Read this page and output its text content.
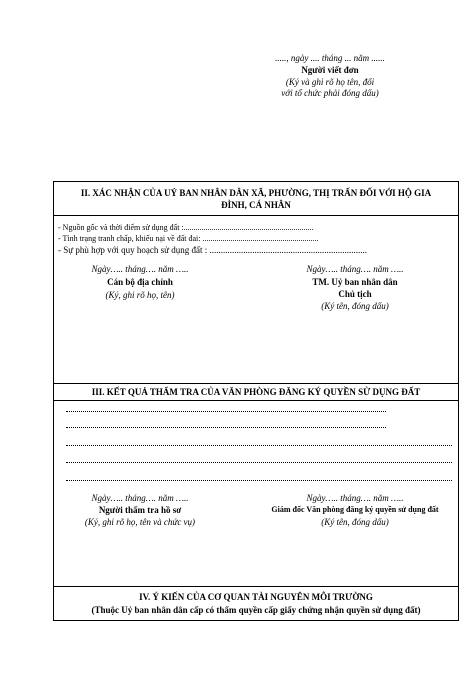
....., ngày .... tháng ... năm ......
Người viết đơn
(Ký và ghi rõ họ tên, đối
với tổ chức phải đóng dấu)
II. XÁC NHẬN CỦA UỶ BAN NHÂN DÂN XÃ, PHƯỜNG, THỊ TRẤN ĐỐI VỚI HỘ GIA
ĐÌNH, CÁ NHÂN
- Nguồn gốc và thời điểm sử dụng đất :.................................................................
- Tình trạng tranh chấp, khiếu nại về đất đai: ..........................................................
- Sự phù hợp với quy hoạch sử dụng đất : ......................................................................
Ngày….. tháng…. năm …..
Cán bộ địa chính
(Ký, ghi rõ họ, tên)
Ngày….. tháng…. năm …..
TM. Uỷ ban nhân dân
Chủ tịch
(Ký tên, đóng dấu)
III. KẾT QUẢ THẨM TRA CỦA VĂN PHÒNG ĐĂNG KÝ QUYỀN SỬ DỤNG ĐẤT
Ngày….. tháng…. năm …..
Người thẩm tra hồ sơ
(Ký, ghi rõ họ, tên và chức vụ)
Ngày….. tháng…. năm …..
Giám đốc Văn phòng đăng ký quyền sử dụng đất
(Ký tên, đóng dấu)
IV. Ý KIẾN CỦA CƠ QUAN TÀI NGUYÊN MÔI TRƯỜNG
(Thuộc Uỷ ban nhân dân cấp có thẩm quyền cấp giấy chứng nhận quyền sử dụng đất)
